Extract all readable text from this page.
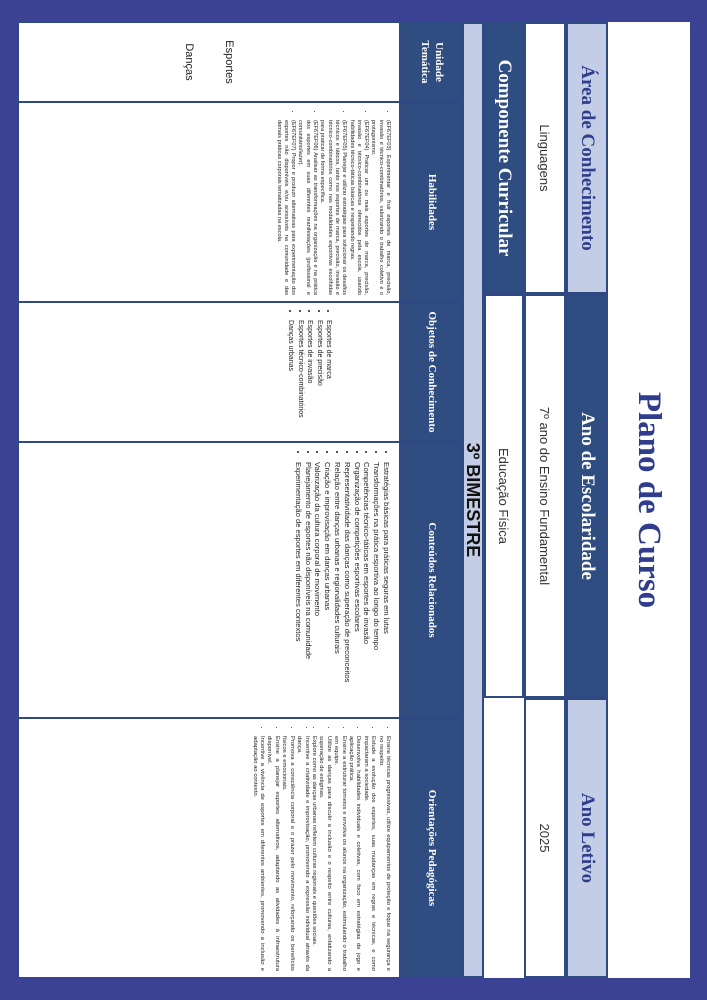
Plano de Curso
Área de Conhecimento
Ano de Escolaridade
Ano Letivo
Linguagens
7º ano do Ensino Fundamental
2025
Componente Curricular
Educação Física
3º BIMESTRE
Unidade Temática
Habilidades
Objetos de Conhecimento
Conteúdos Relacionados
Orientações Pedagógicas
Esportes
Danças
• (EF67EF03) Experimentar e fruir esportes de marca, precisão, invasão e técnico-combinatórios, valorizando o trabalho coletivo e o protagonismo.
• (EF67EF04) Praticar um ou mais esportes de marca, precisão, invasão e técnico-combinatórios oferecidos pela escola, usando habilidades técnico-táticas básicas e respeitando regras.
• (EF67EF05) Planejar e utilizar estratégias para solucionar os desafios técnicos e táticos, tanto nos esportes de marca, precisão, invasão e técnico-combinatórios como nas modalidades esportivas escolhidas para praticar de forma específica.
• (EF67EF06) Analisar as transformações na organização e na prática dos esportes em suas diferentes manifestações (profissional e comunitário/lazer).
• (EF67EF07) Propor e produzir alternativas para experimentação dos esportes não disponíveis e/ou acessíveis na comunidade e das demais práticas corporais tematizadas na escola.
• Esportes de marca
• Esportes de precisão
• Esportes de invasão
• Esportes técnico-combinatórios
• Danças urbanas
• Estratégias básicas para práticas seguras em lutas
• Transformações na prática esportiva ao longo do tempo
• Competências técnico-táticas em esportes de invasão
• Organização de competições esportivas escolares
• Representatividade das danças como superação de preconceitos
• Relação entre danças urbanas e regionalidades culturais
• Criação e improvisação em danças urbanas
• Valorização da cultura corporal de movimento
• Planejamento de esportes não disponíveis na comunidade
• Experimentação de esportes em diferentes contextos
• Ensine técnicas progressivas, utilize equipamentos de proteção e foque na segurança e no respeito.
• Estude a evolução dos esportes, suas mudanças em regras e técnicas, e como impactaram a sociedade.
• Desenvolva habilidades individuais e coletivas, com foco em estratégias de jogo e aplicação prática.
• Ensine a estruturar torneios e envolva os alunos na organização, estimulando o trabalho em equipe.
• Utilize as danças para discutir a inclusão e o respeito entre culturas, enfatizando a superação de estigmas.
• Explore como as danças urbanas refletem culturas regionais e questões sociais.
• Incentive a criatividade e improvisação, promovendo a expressão individual através da dança.
• Promova a consciência corporal e o prazer pelo movimento, reforçando os benefícios físicos e emocionais.
• Ensine a planejar esportes alternativos, adaptando as atividades à infraestrutura disponível.
• Incentive a vivência de esportes em diferentes ambientes, promovendo a inclusão e adaptação ao contexto.
